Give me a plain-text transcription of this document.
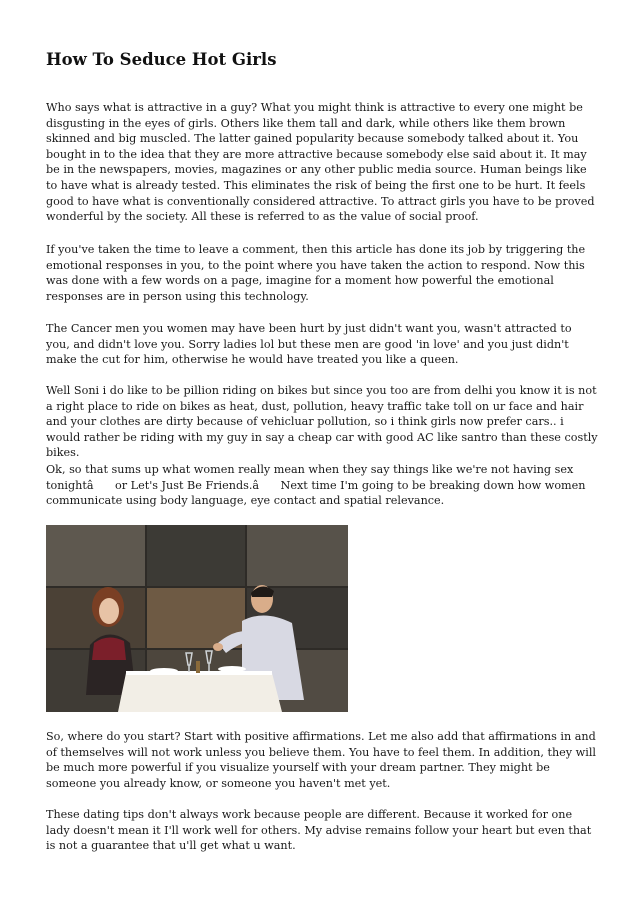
How To Seduce Hot Girls

Who says what is attractive in a guy? What you might think is attractive to every one might be disgusting in the eyes of girls. Others like them tall and dark, while others like them brown skinned and big muscled. The latter gained popularity because somebody talked about it. You bought in to the idea that they are more attractive because somebody else said about it. It may be in the newspapers, movies, magazines or any other public media source. Human beings like to have what is already tested. This eliminates the risk of being the first one to be hurt. It feels good to have what is conventionally considered attractive. To attract girls you have to be proved wonderful by the society. All these is referred to as the value of social proof.

If you've taken the time to leave a comment, then this article has done its job by triggering the emotional responses in you, to the point where you have taken the action to respond. Now this was done with a few words on a page, imagine for a moment how powerful the emotional responses are in person using this technology.

The Cancer men you women may have been hurt by just didn't want you, wasn't attracted to you, and didn't love you. Sorry ladies lol but these men are good 'in love' and you just didn't make the cut for him, otherwise he would have treated you like a queen.

Well Soni i do like to be pillion riding on bikes but since you too are from delhi you know it is not a right place to ride on bikes as heat, dust, pollution, heavy traffic take toll on ur face and hair and your clothes are dirty because of vehicluar pollution, so i think girls now prefer cars.. i would rather be riding with my guy in say a cheap car with good AC like santro than these costly bikes.

Ok, so that sums up what women really mean when they say things like we're not having sex tonightâ or Let's Just Be Friends.â Next time I'm going to be breaking down how women communicate using body language, eye contact and spatial relevance.

So, where do you start? Start with positive affirmations. Let me also add that affirmations in and of themselves will not work unless you believe them. You have to feel them. In addition, they will be much more powerful if you visualize yourself with your dream partner. They might be someone you already know, or someone you haven't met yet.

These dating tips don't always work because people are different. Because it worked for one lady doesn't mean it I'll work well for others. My advise remains follow your heart but even that is not a guarantee that u'll get what u want.
